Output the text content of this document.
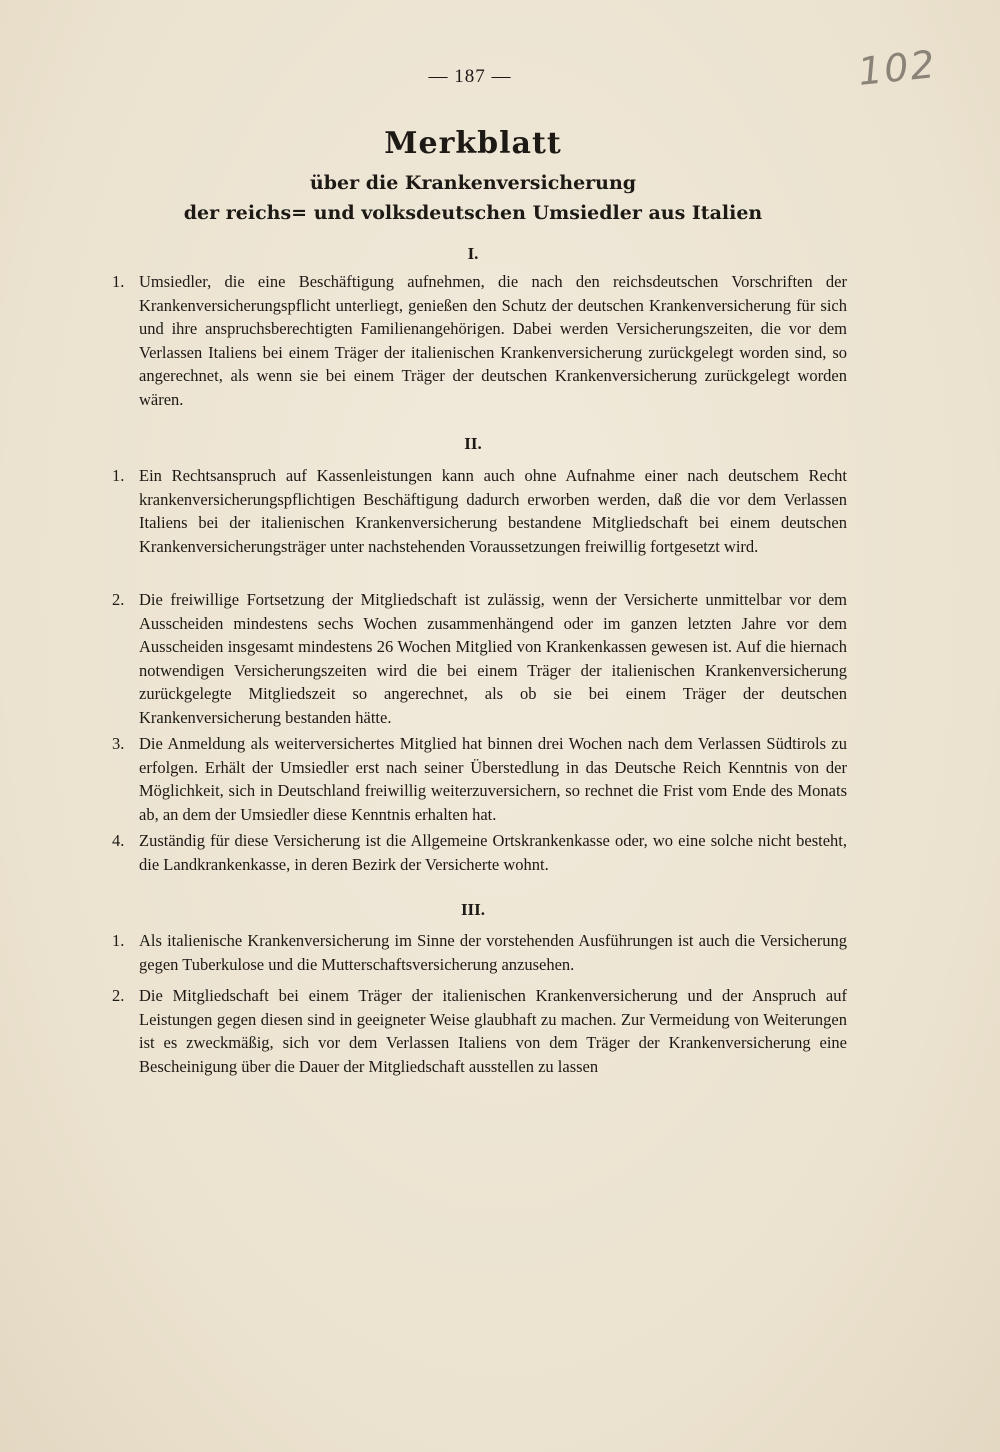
— 187 —	102
Merkblatt
über die Krankenversicherung
der reichs= und volksdeutschen Umsiedler aus Italien
I.
1. Umsiedler, die eine Beschäftigung aufnehmen, die nach den reichsdeutschen Vorschriften der Krankenversicherungspflicht unterliegt, genießen den Schutz der deutschen Krankenversicherung für sich und ihre anspruchsberechtigten Familienangehörigen. Dabei werden Versicherungszeiten, die vor dem Verlassen Italiens bei einem Träger der italienischen Krankenversicherung zurückgelegt worden sind, so angerechnet, als wenn sie bei einem Träger der deutschen Krankenversicherung zurückgelegt worden wären.
II.
1. Ein Rechtsanspruch auf Kassenleistungen kann auch ohne Aufnahme einer nach deutschem Recht krankenversicherungspflichtigen Beschäftigung dadurch erworben werden, daß die vor dem Verlassen Italiens bei der italienischen Krankenversicherung bestandene Mitgliedschaft bei einem deutschen Krankenversicherungsträger unter nachstehenden Voraussetzungen freiwillig fortgesetzt wird.
2. Die freiwillige Fortsetzung der Mitgliedschaft ist zulässig, wenn der Versicherte unmittelbar vor dem Ausscheiden mindestens sechs Wochen zusammenhängend oder im ganzen letzten Jahre vor dem Ausscheiden insgesamt mindestens 26 Wochen Mitglied von Krankenkassen gewesen ist. Auf die hiernach notwendigen Versicherungszeiten wird die bei einem Träger der italienischen Krankenversicherung zurückgelegte Mitgliedszeit so angerechnet, als ob sie bei einem Träger der deutschen Krankenversicherung bestanden hätte.
3. Die Anmeldung als weiterversichertes Mitglied hat binnen drei Wochen nach dem Verlassen Südtirols zu erfolgen. Erhält der Umsiedler erst nach seiner Überstedlung in das Deutsche Reich Kenntnis von der Möglichkeit, sich in Deutschland freiwillig weiterzuversichern, so rechnet die Frist vom Ende des Monats ab, an dem der Umsiedler diese Kenntnis erhalten hat.
4. Zuständig für diese Versicherung ist die Allgemeine Ortskrankenkasse oder, wo eine solche nicht besteht, die Landkrankenkasse, in deren Bezirk der Versicherte wohnt.
III.
1. Als italienische Krankenversicherung im Sinne der vorstehenden Ausführungen ist auch die Versicherung gegen Tuberkulose und die Mutterschaftsversicherung anzusehen.
2. Die Mitgliedschaft bei einem Träger der italienischen Krankenversicherung und der Anspruch auf Leistungen gegen diesen sind in geeigneter Weise glaubhaft zu machen. Zur Vermeidung von Weiterungen ist es zweckmäßig, sich vor dem Verlassen Italiens von dem Träger der Krankenversicherung eine Bescheinigung über die Dauer der Mitgliedschaft ausstellen zu lassen
